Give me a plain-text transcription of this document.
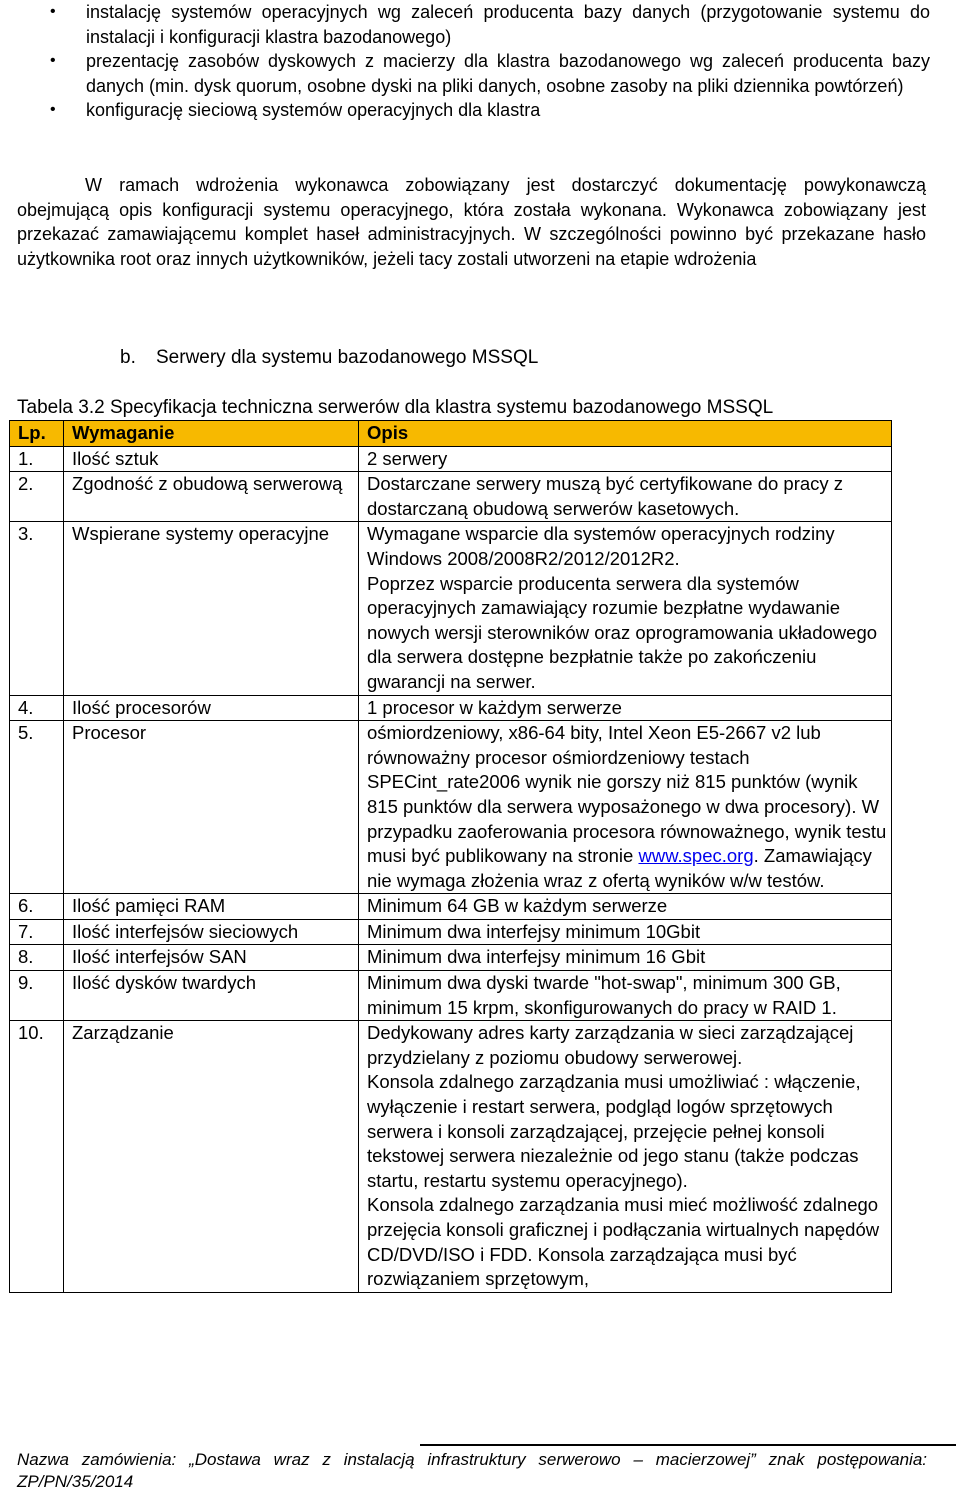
• instalację systemów operacyjnych wg zaleceń producenta bazy danych (przygotowanie systemu do instalacji i konfiguracji klastra bazodanowego)
• prezentację zasobów dyskowych z macierzy dla klastra bazodanowego wg zaleceń producenta bazy danych (min. dysk quorum, osobne dyski na pliki danych, osobne zasoby na pliki dziennika powtórzeń)
• konfigurację sieciową systemów operacyjnych dla klastra
W ramach wdrożenia wykonawca zobowiązany jest dostarczyć dokumentację powykonawczą obejmującą opis konfiguracji systemu operacyjnego, która została wykonana. Wykonawca zobowiązany jest przekazać zamawiającemu komplet haseł administracyjnych. W szczególności powinno być przekazane hasło użytkownika root oraz innych użytkowników, jeżeli tacy zostali utworzeni na etapie wdrożenia
b. Serwery dla systemu bazodanowego MSSQL
Tabela 3.2 Specyfikacja techniczna serwerów dla klastra systemu bazodanowego MSSQL
Lp.	Wymaganie	Opis
1.	Ilość sztuk	2 serwery

2.	Zgodność z obudową serwerową	Dostarczane serwery muszą być certyfikowane do pracy z dostarczaną obudową serwerów kasetowych.

3.	Wspierane systemy operacyjne	Wymagane wsparcie dla systemów operacyjnych rodziny Windows 2008/2008R2/2012/2012R2.
Poprzez wsparcie producenta serwera dla systemów operacyjnych zamawiający rozumie bezpłatne wydawanie nowych wersji sterowników oraz oprogramowania układowego dla serwera dostępne bezpłatnie także po zakończeniu gwarancji na serwer.

4.	Ilość procesorów	1 procesor w każdym serwerze

5.	Procesor	ośmiordzeniowy, x86-64 bity, Intel Xeon E5-2667 v2 lub równoważny procesor ośmiordzeniowy testach SPECint_rate2006 wynik nie gorszy niż 815 punktów (wynik 815 punktów dla serwera wyposażonego w dwa procesory). W przypadku zaoferowania procesora równoważnego, wynik testu musi być publikowany na stronie www.spec.org. Zamawiający nie wymaga złożenia wraz z ofertą wyników w/w testów.
6.	Ilość pamięci RAM	Minimum 64 GB w każdym serwerze

7.	Ilość interfejsów sieciowych	Minimum dwa interfejsy minimum 10Gbit

8.	Ilość interfejsów SAN	Minimum dwa interfejsy minimum 16 Gbit

9.	Ilość dysków twardych	Minimum dwa dyski twarde "hot-swap", minimum 300 GB, minimum 15 krpm, skonfigurowanych do pracy w RAID 1.

10.	Zarządzanie	Dedykowany adres karty zarządzania w sieci zarządzającej przydzielany z poziomu obudowy serwerowej.
Konsola zdalnego zarządzania musi umożliwiać : włączenie, wyłączenie i restart serwera, podgląd logów sprzętowych serwera i konsoli zarządzającej, przejęcie pełnej konsoli tekstowej serwera niezależnie od jego stanu (także podczas startu, restartu systemu operacyjnego).
Konsola zdalnego zarządzania musi mieć możliwość zdalnego przejęcia konsoli graficznej i podłączania wirtualnych napędów CD/DVD/ISO i FDD. Konsola zarządzająca musi być rozwiązaniem sprzętowym,
Nazwa zamówienia: „Dostawa wraz z instalacją infrastruktury serwerowo – macierzowej” znak postępowania: ZP/PN/35/2014
